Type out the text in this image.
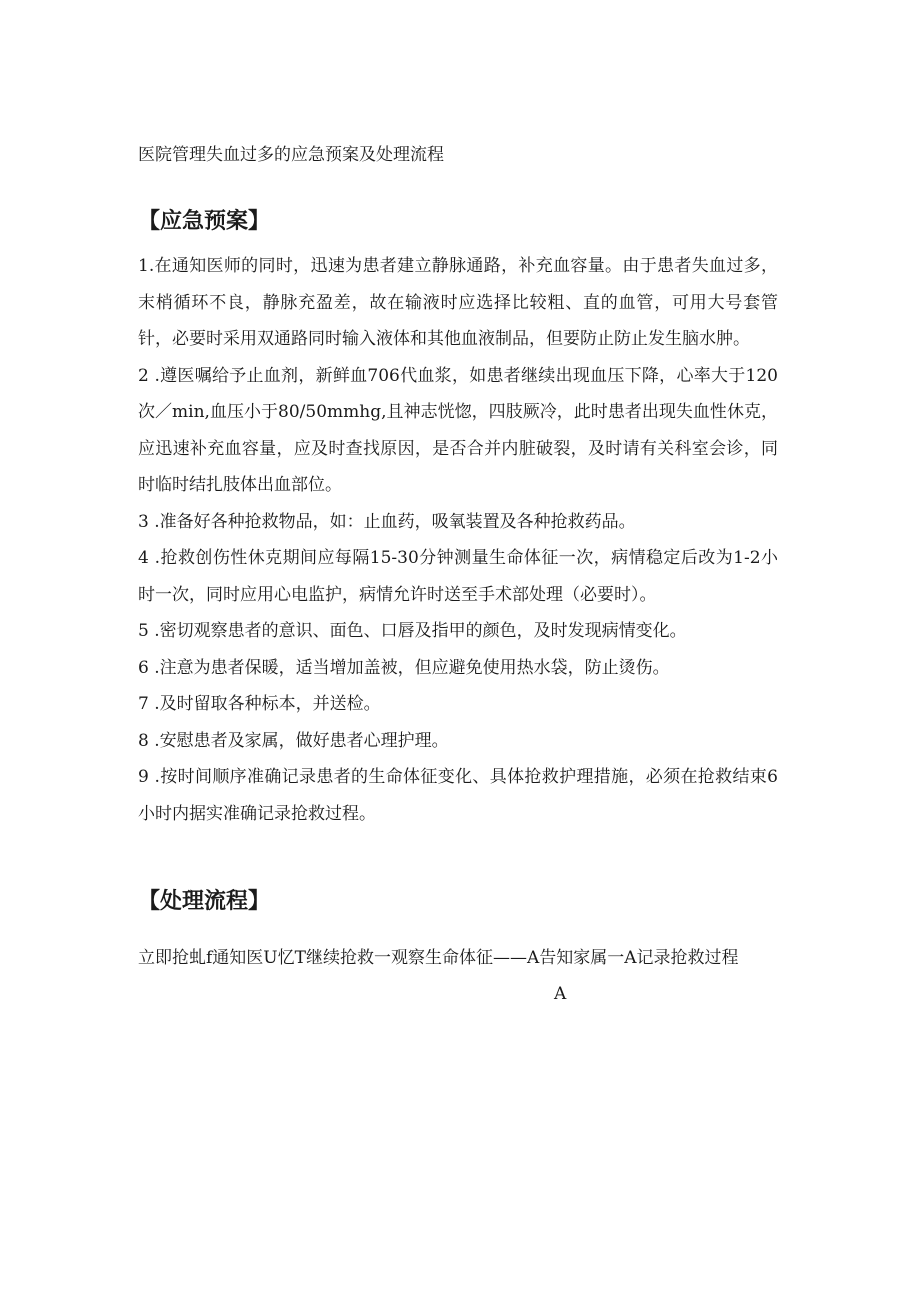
医院管理失血过多的应急预案及处理流程
【应急预案】

1.在通知医师的同时，迅速为患者建立静脉通路，补充血容量。由于患者失血过多，末梢循环不良，静脉充盈差，故在输液时应选择比较粗、直的血管，可用大号套管针，必要时采用双通路同时输入液体和其他血液制品，但要防止防止发生脑水肿。

2 .遵医嘱给予止血剂，新鲜血706代血浆，如患者继续出现血压下降，心率大于120次／min,血压小于80/50mmhg,且神志恍惚，四肢厥冷，此时患者出现失血性休克，应迅速补充血容量，应及时查找原因，是否合并内脏破裂，及时请有关科室会诊，同时临时结扎肢体出血部位。

3 .准备好各种抢救物品，如：止血药，吸氧装置及各种抢救药品。

4 .抢救创伤性休克期间应每隔15-30分钟测量生命体征一次，病情稳定后改为1-2小时一次，同时应用心电监护，病情允许时送至手术部处理（必要时）。

5 .密切观察患者的意识、面色、口唇及指甲的颜色，及时发现病情变化。

6 .注意为患者保暖，适当增加盖被，但应避免使用热水袋，防止烫伤。

7 .及时留取各种标本，并送检。

8 .安慰患者及家属，做好患者心理护理。

9 .按时间顺序准确记录患者的生命体征变化、具体抢救护理措施，必须在抢救结束6小时内据实准确记录抢救过程。

【处理流程】
立即抢虬f通知医U忆T继续抢救一观察生命体征——A告知家属一A记录抢救过程
A
